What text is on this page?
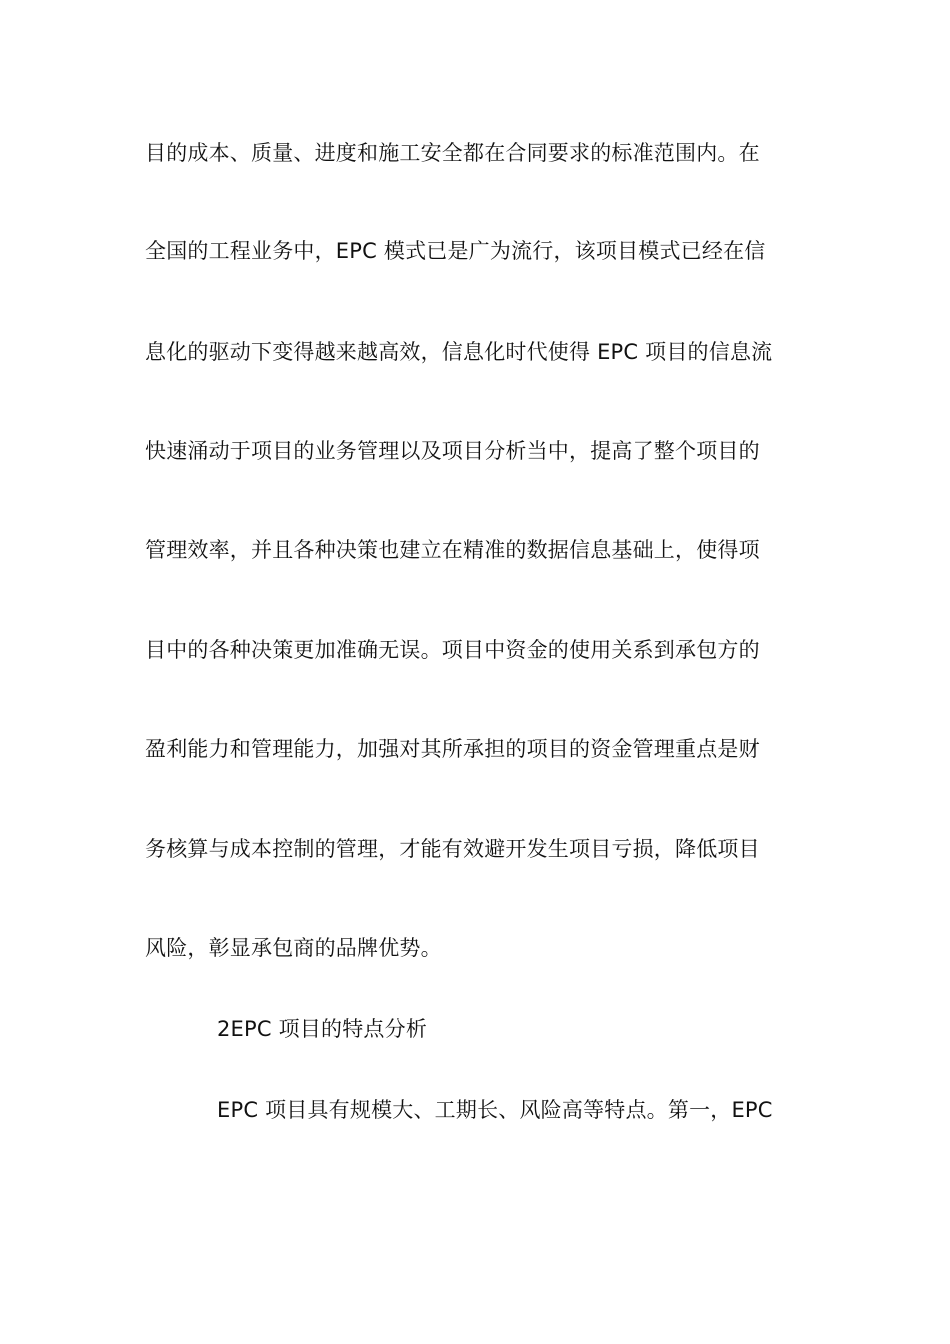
目的成本、质量、进度和施工安全都在合同要求的标准范围内。在
全国的工程业务中，EPC 模式已是广为流行，该项目模式已经在信
息化的驱动下变得越来越高效，信息化时代使得 EPC 项目的信息流
快速涌动于项目的业务管理以及项目分析当中，提高了整个项目的
管理效率，并且各种决策也建立在精准的数据信息基础上，使得项
目中的各种决策更加准确无误。项目中资金的使用关系到承包方的
盈利能力和管理能力，加强对其所承担的项目的资金管理重点是财
务核算与成本控制的管理，才能有效避开发生项目亏损，降低项目
风险，彰显承包商的品牌优势。
2EPC 项目的特点分析
EPC 项目具有规模大、工期长、风险高等特点。第一，EPC
